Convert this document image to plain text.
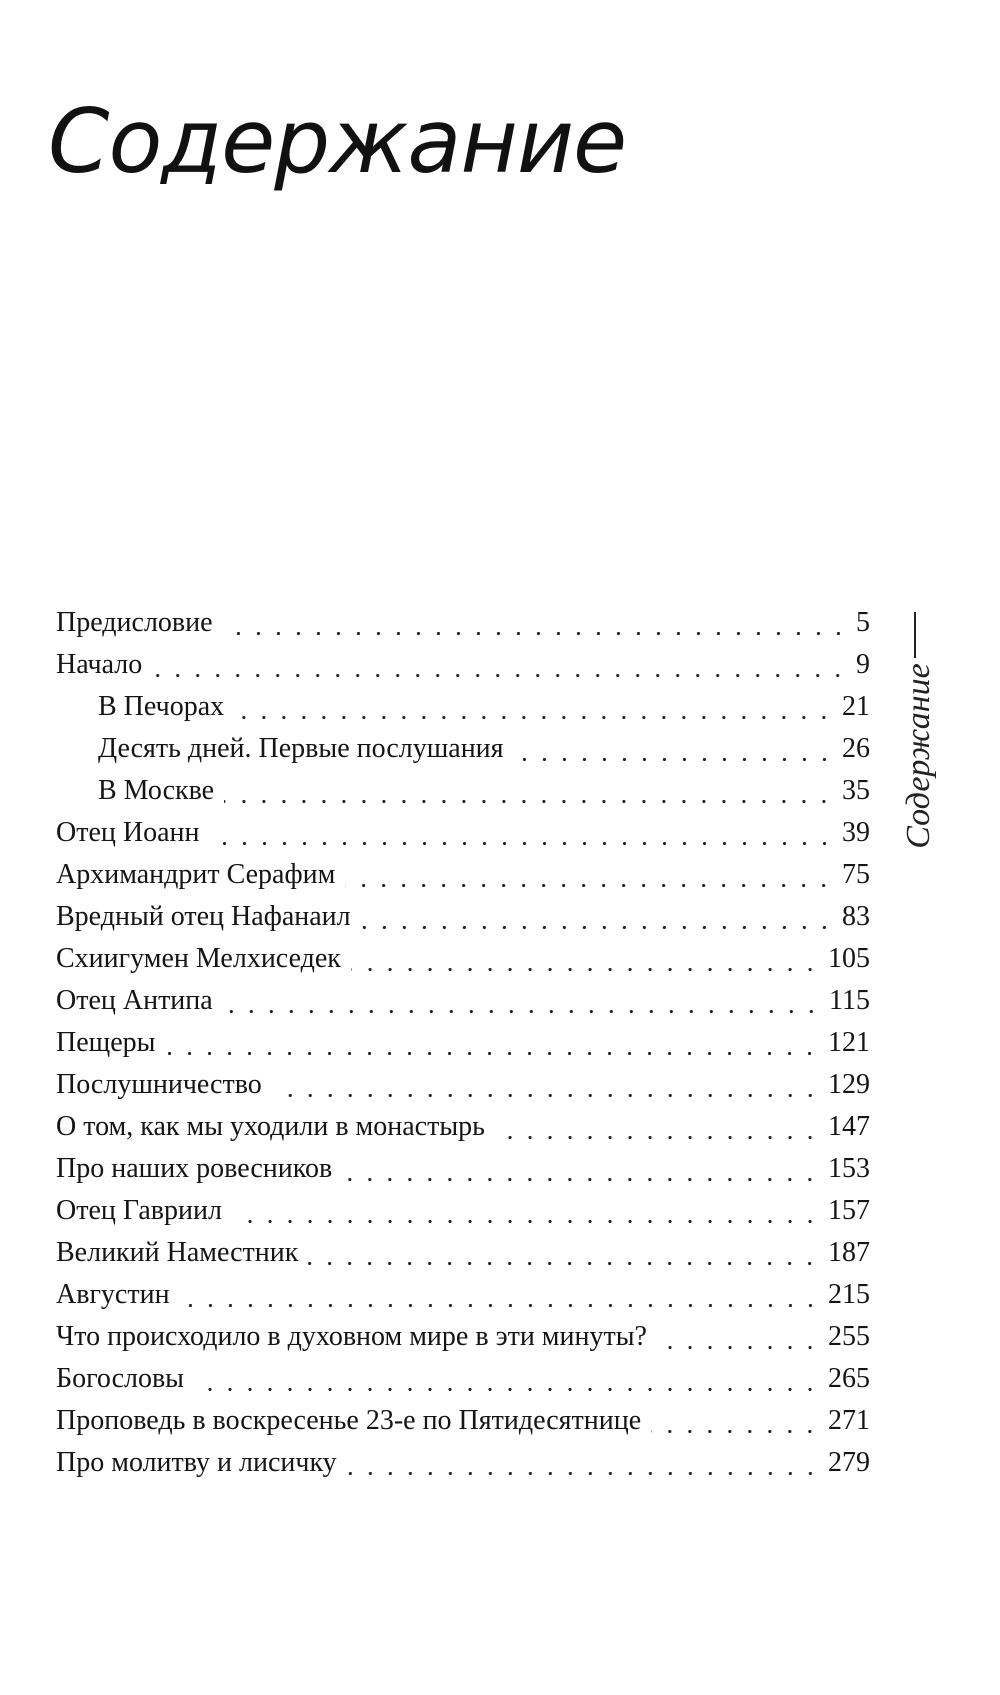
Содержание
Содержание
Предисловие	5
Начало	9
В Печорах	21
Десять дней. Первые послушания	26
В Москве	35
Отец Иоанн	39
Архимандрит Серафим	75
Вредный отец Нафанаил	83
Схиигумен Мелхиседек	105
Отец Антипа	115
Пещеры	121
Послушничество	129
О том, как мы уходили в монастырь	147
Про наших ровесников	153
Отец Гавриил	157
Великий Наместник	187
Августин	215
Что происходило в духовном мире в эти минуты?	255
Богословы	265
Проповедь в воскресенье 23-е по Пятидесятнице	271
Про молитву и лисичку	279
